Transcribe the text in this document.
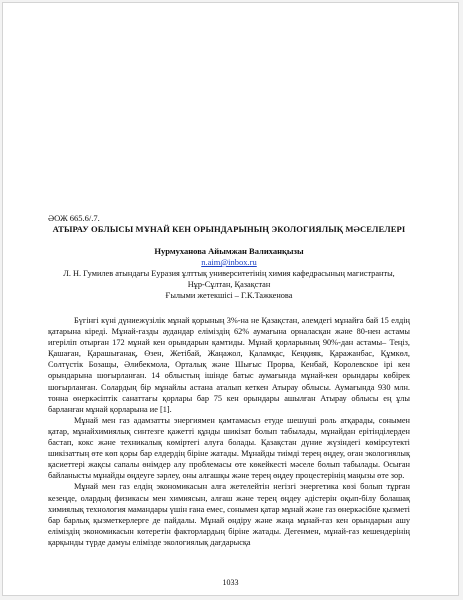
ӘОЖ 665.6/.7.

АТЫРАУ ОБЛЫСЫ МҰНАЙ КЕН ОРЫНДАРЫНЫҢ ЭКОЛОГИЯЛЫҚ МӘСЕЛЕЛЕРІ

Нурмуханова Айымжан Валиханқызы

n.aim@inbox.ru

Л. Н. Гумилев атындағы Еуразия ұлттық университетінің химия кафедрасының магистранты,

Нұр-Сұлтан, Қазақстан

Ғылыми жетекшісі – Г.К.Тажкенова

Бүгінгі күні дүниежүзілік мұнай қорының 3%-на не Қазақстан, әлемдегі мұнайға бай 15 елдің қатарына кіреді. Мұнай-газды аудандар еліміздің 62% аумағына орналасқан және 80-нен астамы игеріліп отырған 172 мұнай кен орындарын қамтиды. Мұнай қорларының 90%-дан астамы– Теңіз, Қашаған, Қарашығанақ, Өзен, Жетібай, Жаңажол, Қаламқас, Кеңқияк, Қаражанбас, Құмкөл, Солтүстік Бозащы, Әлибекмола, Орталық және Шығыс Прорва, Кенбай, Королевское ірі кен орындарына шоғырланған. 14 облыстың ішінде батыс аумағында мұнай-кен орындары көбірек шоғырланған. Солардың бір мұнайлы астана аталып кеткен Атырау облысы. Аумағында 930 млн. тонна өнеркәсіптік санаттағы қорлары бар 75 кен орындары ашылған Атырау облысы ең ұлы барланған мұнай қорларына ие [1].

Мұнай мен газ адамзатты энергиямен қамтамасыз етуде шешуші роль атқарады, сонымен қатар, мұнайхимиялық синтезге қажетті құнды шикізат болып табылады, мұнайдан ерітінділерден бастап, кокс және техникалық көміртегі алуға болады. Қазақстан дүние жүзіндегі көмірсутекті шикізаттың өте көп қоры бар елдердің біріне жатады. Мұнайды тиімді терең өңдеу, оған экологиялық қасиеттері жақсы сапалы өнімдер алу проблемасы өте көкейкесті мәселе болып табылады. Осыған байланысты мұнайды өңдеуге зәрлеу, оны алғашқы және терең өңдеу процестерінің маңызы өте зор.

Мұнай мен газ елдің экономикасын алға жетелейтін негізгі энергетика көзі болып тұрған кезеңде, олардың физикасы мен химиясын, алғаш және терең өңдеу әдістерін оқып-білу болашақ химиялық технология мамандары үшін ғана емес, сонымен қатар мұнай және газ өнеркәсібне қызметі бар барлық қызметкерлерге де пайдалы. Мұнай өндіру және жаңа мұнай-газ кен орындарын ашу еліміздің экономикасын көтеретін факторлардың біріне жатады. Дегенмен, мұнай-газ кешендерінің қарқынды түрде дамуы елімізде экологиялық дағдарысқа

1033
